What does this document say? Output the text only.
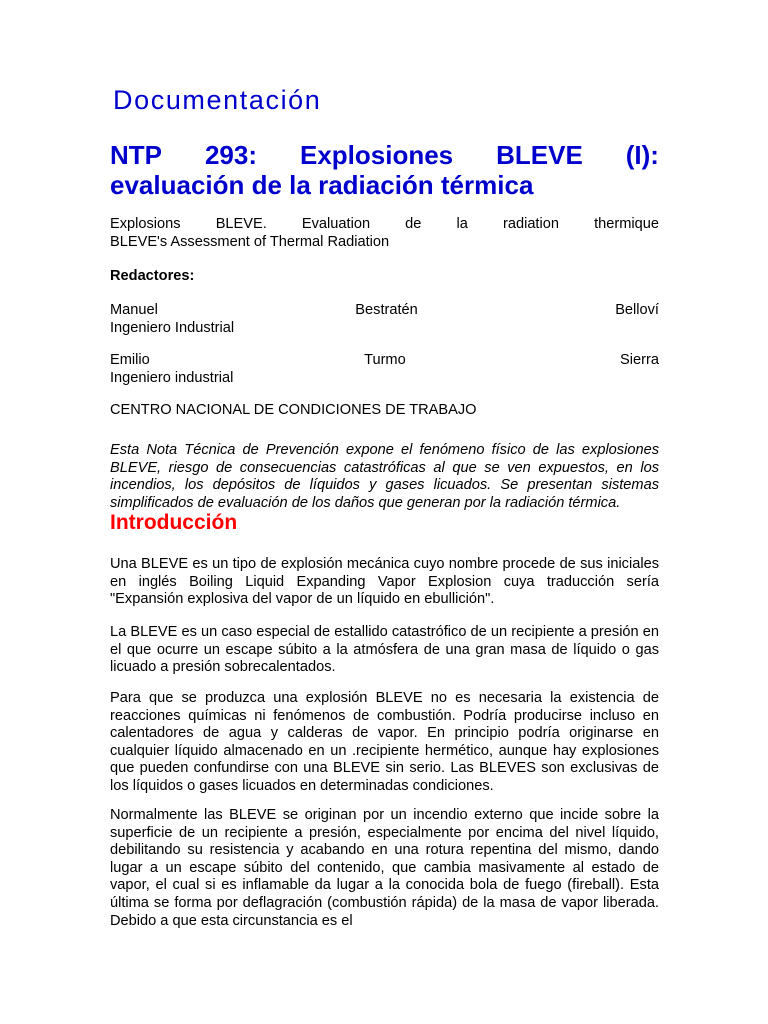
Documentación
NTP 293: Explosiones BLEVE (I):
evaluación de la radiación térmica
Explosions BLEVE. Evaluation de la radiation thermique
BLEVE's Assessment of Thermal Radiation
Redactores:
Manuel	Bestratén	Belloví
Ingeniero Industrial
Emilio	Turmo	Sierra
Ingeniero industrial
CENTRO NACIONAL DE CONDICIONES DE TRABAJO

Esta Nota Técnica de Prevención expone el fenómeno físico de las explosiones BLEVE, riesgo de consecuencias catastróficas al que se ven expuestos, en los incendios, los depósitos de líquidos y gases licuados. Se presentan sistemas simplificados de evaluación de los daños que generan por la radiación térmica.

Introducción

Una BLEVE es un tipo de explosión mecánica cuyo nombre procede de sus iniciales en inglés Boiling Liquid Expanding Vapor Explosion cuya traducción sería "Expansión explosiva del vapor de un líquido en ebullición".

La BLEVE es un caso especial de estallido catastrófico de un recipiente a presión en el que ocurre un escape súbito a la atmósfera de una gran masa de líquido o gas licuado a presión sobrecalentados.

Para que se produzca una explosión BLEVE no es necesaria la existencia de reacciones químicas ni fenómenos de combustión. Podría producirse incluso en calentadores de agua y calderas de vapor. En principio podría originarse en cualquier líquido almacenado en un .recipiente hermético, aunque hay explosiones que pueden confundirse con una BLEVE sin serio. Las BLEVES son exclusivas de los líquidos o gases licuados en determinadas condiciones.

Normalmente las BLEVE se originan por un incendio externo que incide sobre la superficie de un recipiente a presión, especialmente por encima del nivel líquido, debilitando su resistencia y acabando en una rotura repentina del mismo, dando lugar a un escape súbito del contenido, que cambia masivamente al estado de vapor, el cual si es inflamable da lugar a la conocida bola de fuego (fireball). Esta última se forma por deflagración (combustión rápida) de la masa de vapor liberada. Debido a que esta circunstancia es el
